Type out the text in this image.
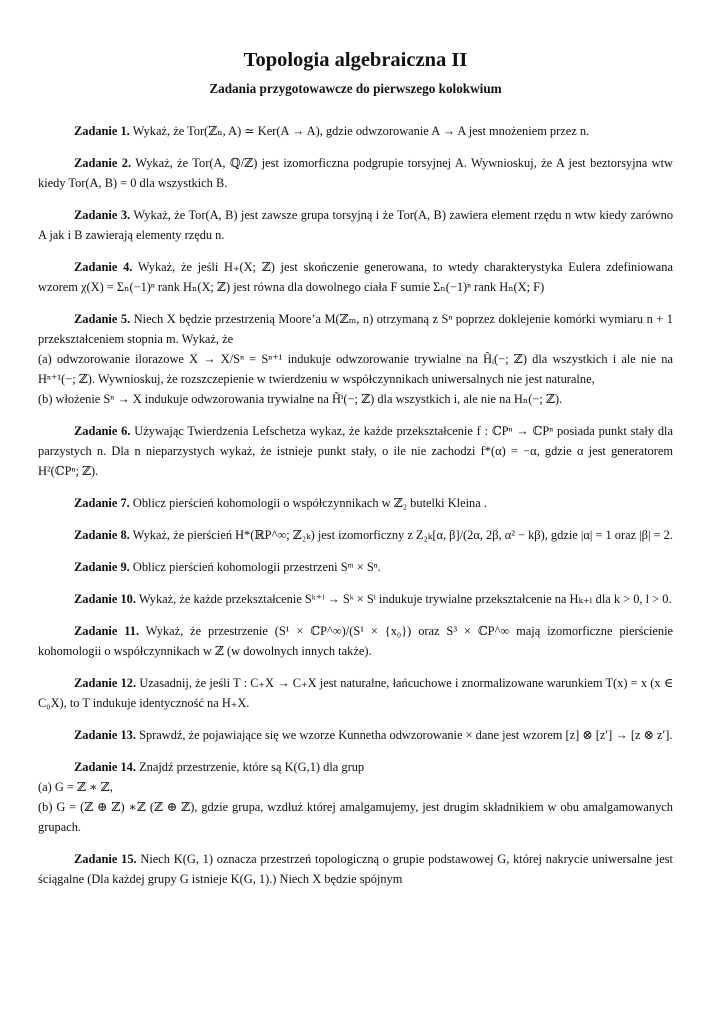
Topologia algebraiczna II
Zadania przygotowawcze do pierwszego kolokwium
Zadanie 1. Wykaż, że Tor(ℤₙ, A) ≃ Ker(A → A), gdzie odwzorowanie A → A jest mnożeniem przez n.
Zadanie 2. Wykaż, że Tor(A, ℚ/ℤ) jest izomorficzna podgrupie torsyjnej A. Wywnioskuj, że A jest beztorsyjna wtw kiedy Tor(A, B) = 0 dla wszystkich B.
Zadanie 3. Wykaż, że Tor(A, B) jest zawsze grupa torsyjną i że Tor(A, B) zawiera element rzędu n wtw kiedy zarówno A jak i B zawierają elementy rzędu n.
Zadanie 4. Wykaż, że jeśli H₊(X; ℤ) jest skończenie generowana, to wtedy charakterystyka Eulera zdefiniowana wzorem χ(X) = Σₙ(−1)ⁿ rank Hₙ(X; ℤ) jest równa dla dowolnego ciała F sumie Σₙ(−1)ⁿ rank Hₙ(X; F)
Zadanie 5. Niech X będzie przestrzenią Moore’a M(ℤₘ, n) otrzymaną z Sⁿ poprzez doklejenie komórki wymiaru n + 1 przekształceniem stopnia m. Wykaż, że
(a) odwzorowanie ilorazowe X → X/Sⁿ = Sⁿ⁺¹ indukuje odwzorowanie trywialne na H̃ᵢ(−; ℤ) dla wszystkich i ale nie na Hⁿ⁺¹(−; ℤ). Wywnioskuj, że rozszczepienie w twierdzeniu w współczynnikach uniwersalnych nie jest naturalne,
(b) włożenie Sⁿ → X indukuje odwzorowania trywialne na H̃ⁱ(−; ℤ) dla wszystkich i, ale nie na Hₙ(−; ℤ).
Zadanie 6. Używając Twierdzenia Lefschetza wykaz, że każde przekształcenie f : ℂPⁿ → ℂPⁿ posiada punkt stały dla parzystych n. Dla n nieparzystych wykaż, że istnieje punkt stały, o ile nie zachodzi f*(α) = −α, gdzie α jest generatorem H²(ℂPⁿ; ℤ).
Zadanie 7. Oblicz pierścień kohomologii o współczynnikach w ℤ₂ butelki Kleina .
Zadanie 8. Wykaż, że pierścień H*(ℝP^∞; ℤ₂ₖ) jest izomorficzny z Z₂ₖ[α, β]/(2α, 2β, α² − kβ), gdzie |α| = 1 oraz |β| = 2.
Zadanie 9. Oblicz pierścień kohomologii przestrzeni Sᵐ × Sⁿ.
Zadanie 10. Wykaż, że każde przekształcenie Sᵏ⁺ˡ → Sᵏ × Sˡ indukuje trywialne przekształcenie na Hₖ₊ₗ dla k > 0, l > 0.
Zadanie 11. Wykaż, że przestrzenie (S¹ × ℂP^∞)/(S¹ × {x₀}) oraz S³ × ℂP^∞ mają izomorficzne pierścienie kohomologii o współczynnikach w ℤ (w dowolnych innych także).
Zadanie 12. Uzasadnij, że jeśli T : C₊X → C₊X jest naturalne, łańcuchowe i znormalizowane warunkiem T(x) = x (x ∈ C₀X), to T indukuje identyczność na H₊X.
Zadanie 13. Sprawdź, że pojawiające się we wzorze Kunnetha odwzorowanie × dane jest wzorem [z] ⊗ [z′] → [z ⊗ z′].
Zadanie 14. Znajdź przestrzenie, które są K(G,1) dla grup
(a) G = ℤ ∗ ℤ,
(b) G = (ℤ ⊕ ℤ) ∗ℤ (ℤ ⊕ ℤ), gdzie grupa, wzdłuż której amalgamujemy, jest drugim składnikiem w obu amalgamowanych grupach.
Zadanie 15. Niech K(G, 1) oznacza przestrzeń topologiczną o grupie podstawowej G, której nakrycie uniwersalne jest ściągalne (Dla każdej grupy G istnieje K(G, 1).) Niech X będzie spójnym
